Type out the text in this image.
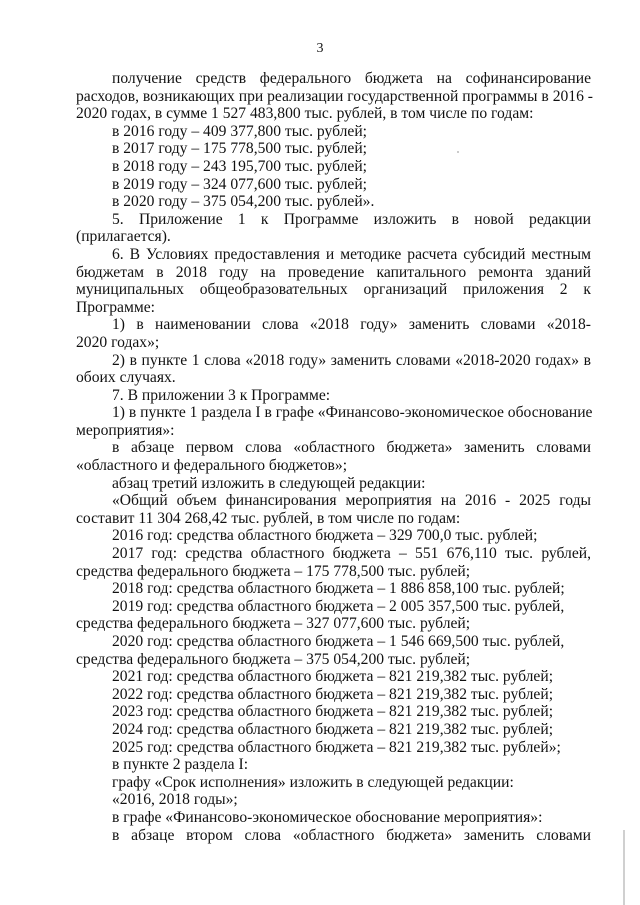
3
получение средств федерального бюджета на софинансирование
расходов, возникающих при реализации государственной программы в 2016 -
2020 годах, в сумме 1 527 483,800 тыс. рублей, в том числе по годам:
в 2016 году – 409 377,800 тыс. рублей;
в 2017 году – 175 778,500 тыс. рублей;
в 2018 году – 243 195,700 тыс. рублей;
в 2019 году – 324 077,600 тыс. рублей;
в 2020 году – 375 054,200 тыс. рублей».
5. Приложение 1 к Программе изложить в новой редакции
(прилагается).
6. В Условиях предоставления и методике расчета субсидий местным
бюджетам в 2018 году на проведение капитального ремонта зданий
муниципальных общеобразовательных организаций приложения 2 к
Программе:
1) в наименовании слова «2018 году» заменить словами «2018-
2020 годах»;
2) в пункте 1 слова «2018 году» заменить словами «2018-2020 годах» в
обоих случаях.
7. В приложении 3 к Программе:
1) в пункте 1 раздела I в графе «Финансово-экономическое обоснование
мероприятия»:
в абзаце первом слова «областного бюджета» заменить словами
«областного и федерального бюджетов»;
абзац третий изложить в следующей редакции:
«Общий объем финансирования мероприятия на 2016 - 2025 годы
составит 11 304 268,42 тыс. рублей, в том числе по годам:
2016 год: средства областного бюджета – 329 700,0 тыс. рублей;
2017 год: средства областного бюджета – 551 676,110 тыс. рублей,
средства федерального бюджета – 175 778,500 тыс. рублей;
2018 год: средства областного бюджета – 1 886 858,100 тыс. рублей;
2019 год: средства областного бюджета – 2 005 357,500 тыс. рублей,
средства федерального бюджета – 327 077,600 тыс. рублей;
2020 год: средства областного бюджета – 1 546 669,500 тыс. рублей,
средства федерального бюджета – 375 054,200 тыс. рублей;
2021 год: средства областного бюджета – 821 219,382 тыс. рублей;
2022 год: средства областного бюджета – 821 219,382 тыс. рублей;
2023 год: средства областного бюджета – 821 219,382 тыс. рублей;
2024 год: средства областного бюджета – 821 219,382 тыс. рублей;
2025 год: средства областного бюджета – 821 219,382 тыс. рублей»;
в пункте 2 раздела I:
графу «Срок исполнения» изложить в следующей редакции:
«2016, 2018 годы»;
в графе «Финансово-экономическое обоснование мероприятия»:
в абзаце втором слова «областного бюджета» заменить словами
